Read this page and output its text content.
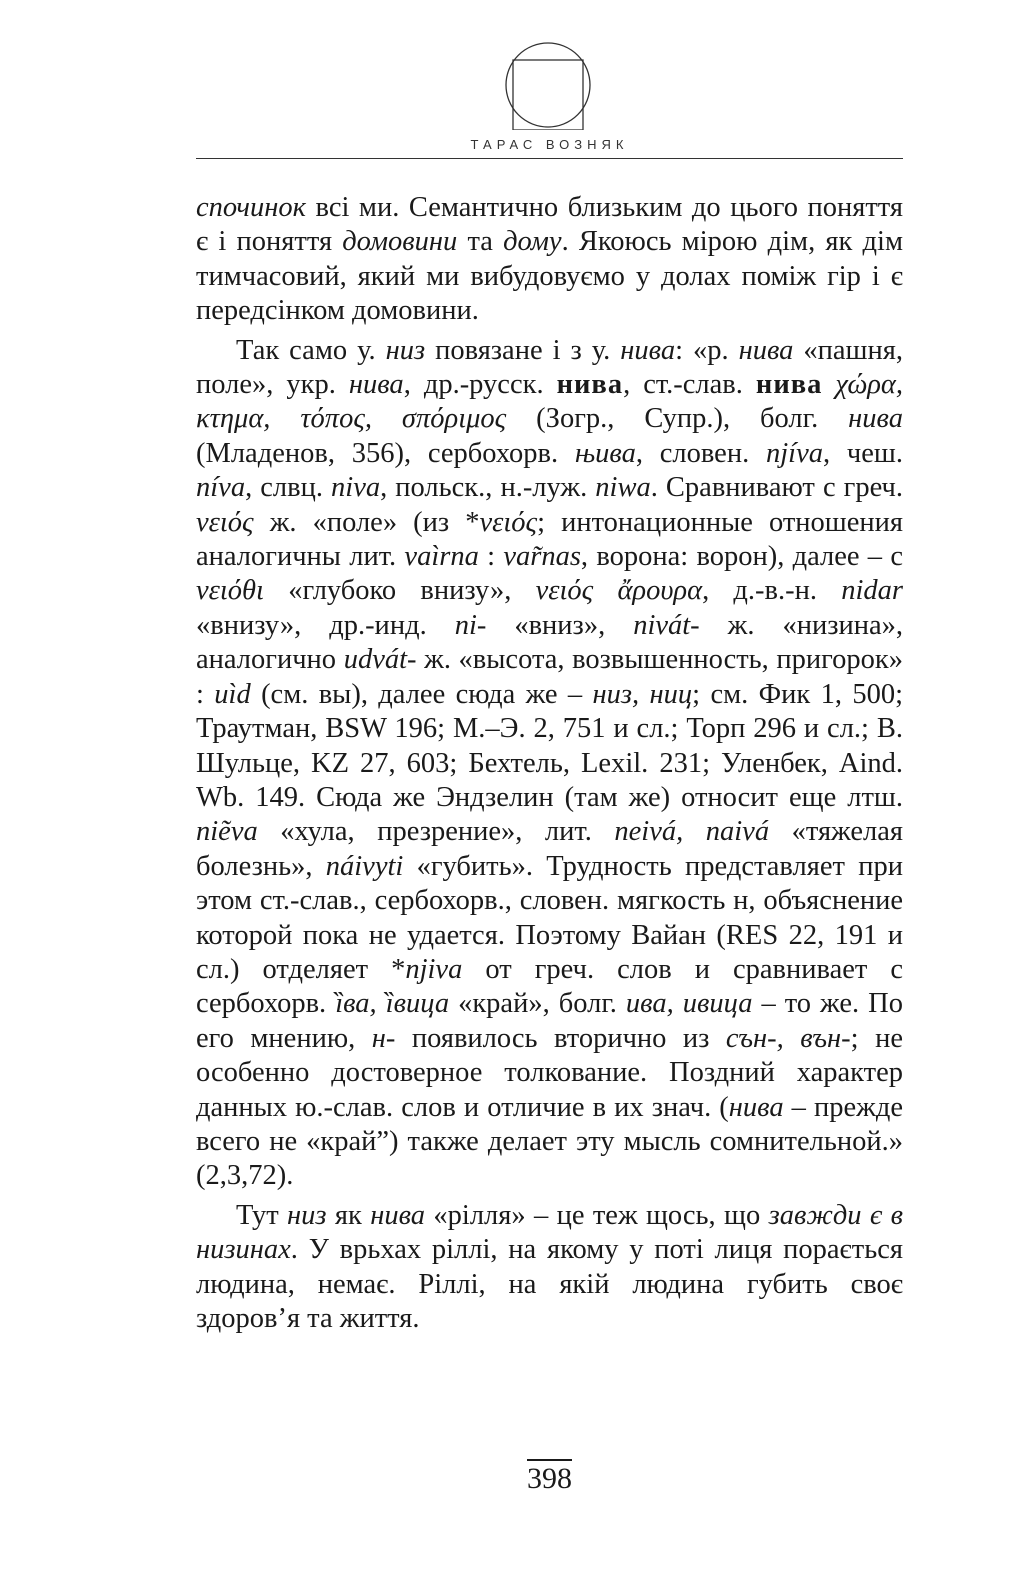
ТАРАС ВОЗНЯК

спочинок всі ми. Семантично близьким до цього поняття є і поняття домовини та дому. Якоюсь мірою дім, як дім тимчасовий, який ми вибудовуємо у долах поміж гір і є передсінком домовини.

Так само у. низ повязане і з у. нива: «р. нива «пашня, поле», укр. нива, др.-русск. нива, ст.-слав. нива χώρα, κτημα, τόπος, σπόριμος (Зогр., Супр.), болг. нива (Младенов, 356), сербохорв. њива, словен. njíva, чеш. níva, слвц. niva, польск., н.-луж. niwa. Сравнивают с греч. νειός ж. «поле» (из *νειός; интонационные отношения аналогичны лит. vaìrna : var̃nas, ворона: ворон), далее – с νειόθι «глубоко внизу», νειός ἄρουρα, д.-в.-н. nidar «внизу», др.-инд. ni- «вниз», nivát- ж. «низина», аналогично udvát- ж. «высота, возвышенность, пригорок» : uìd (см. вы), далее сюда же – низ, ниц; см. Фик 1, 500; Траутман, BSW 196; М.–Э. 2, 751 и сл.; Торп 296 и сл.; В. Шульце, KZ 27, 603; Бехтель, Lexil. 231; Уленбек, Aind. Wb. 149. Сюда же Эндзелин (там же) относит еще лтш. niẽva «хула, презрение», лит. neivá, naivá «тяжелая болезнь», náivyti «губить». Трудность представляет при этом ст.-слав., сербохорв., словен. мягкость н, объяснение которой пока не удается. Поэтому Вайан (RES 22, 191 и сл.) отделяет *njiva от греч. слов и сравнивает с сербохорв. ȉва, ȉвица «край», болг. ива, ивица – то же. По его мнению, н- появилось вторично из сън-, вън-; не особенно достоверное толкование. Поздний характер данных ю.-слав. слов и отличие в их знач. (нива – прежде всего не «край”) также делает эту мысль сомнительной.» (2,3,72).

Тут низ як нива «рілля» – це теж щось, що завжди є в низинах. У врьхах ріллі, на якому у поті лиця порається людина, немає. Ріллі, на якій людина губить своє здоров’я та життя.

398
